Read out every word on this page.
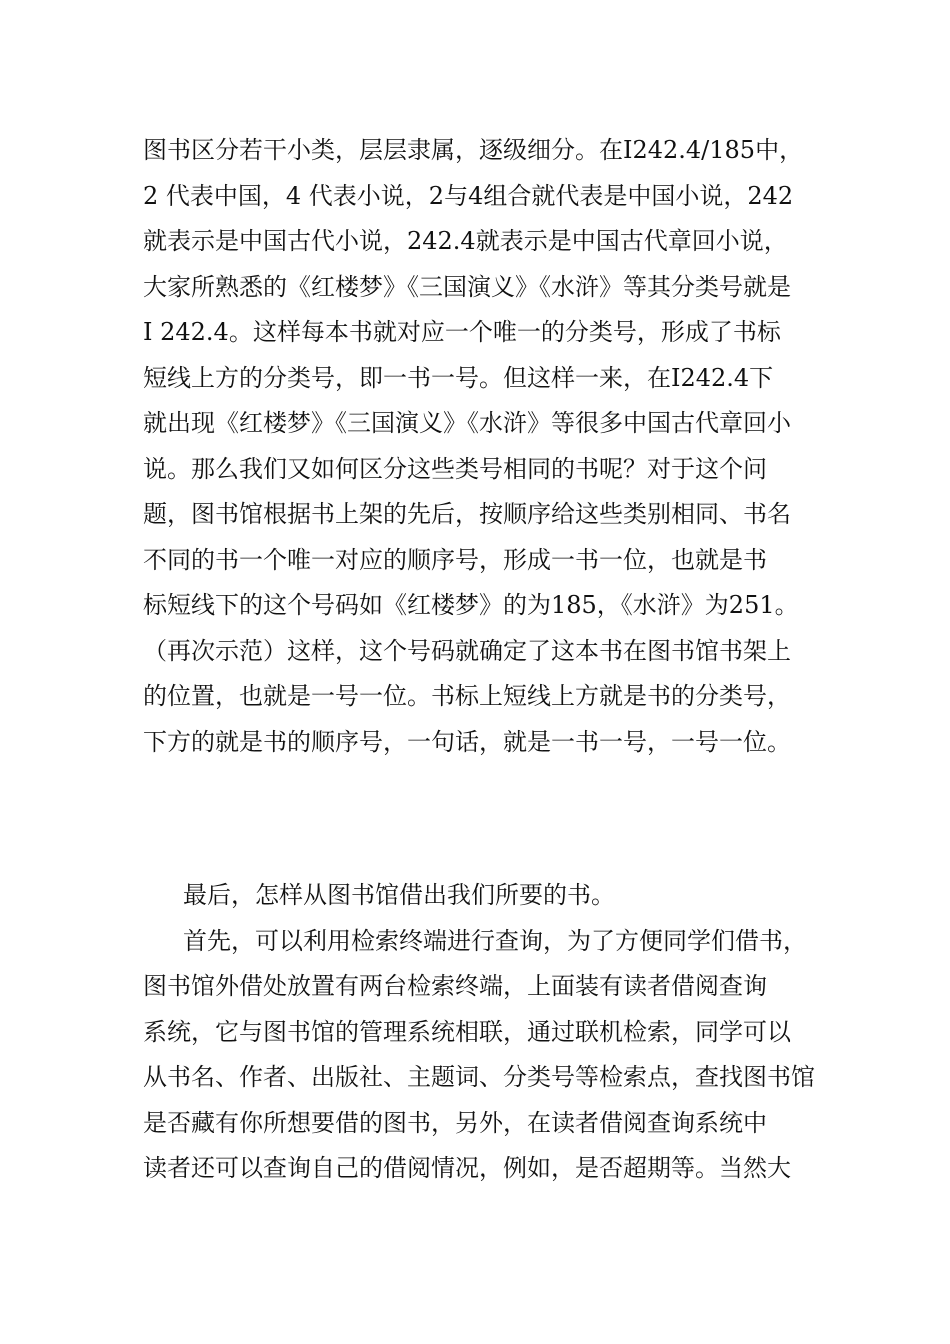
图书区分若干小类，层层隶属，逐级细分。在I242.4/185中，
2 代表中国，4 代表小说，2与4组合就代表是中国小说，242
就表示是中国古代小说，242.4就表示是中国古代章回小说，
大家所熟悉的《红楼梦》《三国演义》《水浒》等其分类号就是
I 242.4。这样每本书就对应一个唯一的分类号，形成了书标
短线上方的分类号，即一书一号。但这样一来，在I242.4下
就出现《红楼梦》《三国演义》《水浒》等很多中国古代章回小
说。那么我们又如何区分这些类号相同的书呢？对于这个问
题，图书馆根据书上架的先后，按顺序给这些类别相同、书名
不同的书一个唯一对应的顺序号，形成一书一位，也就是书
标短线下的这个号码如《红楼梦》的为185，《水浒》为251。
（再次示范）这样，这个号码就确定了这本书在图书馆书架上
的位置，也就是一号一位。书标上短线上方就是书的分类号，
下方的就是书的顺序号，一句话，就是一书一号，一号一位。
最后，怎样从图书馆借出我们所要的书。
首先，可以利用检索终端进行查询，为了方便同学们借书，
图书馆外借处放置有两台检索终端，上面装有读者借阅查询
系统，它与图书馆的管理系统相联，通过联机检索，同学可以
从书名、作者、出版社、主题词、分类号等检索点，查找图书馆
是否藏有你所想要借的图书，另外，在读者借阅查询系统中
读者还可以查询自己的借阅情况，例如，是否超期等。当然大
